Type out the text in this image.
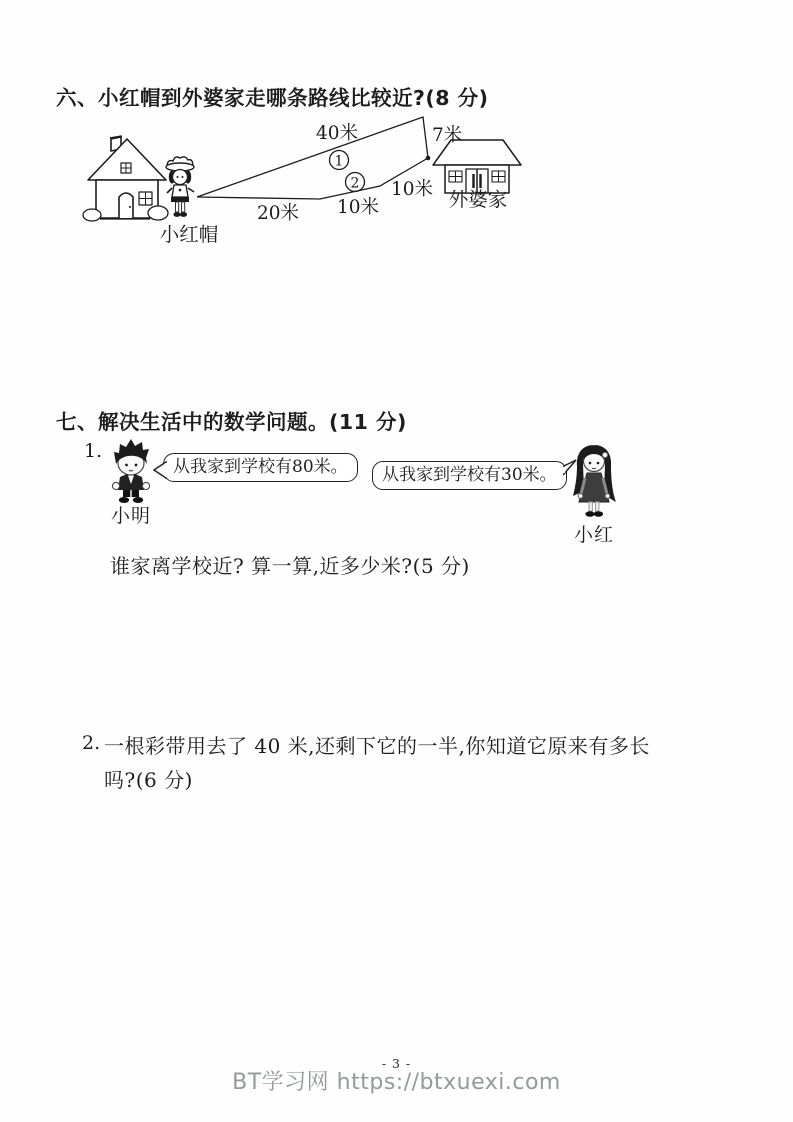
六、小红帽到外婆家走哪条路线比较近?(8 分)
40米	7米
20米 10米
10米
1
2
小红帽
外婆家
七、解决生活中的数学问题。(11 分)
1.
小明
从我家到学校有80米。	从我家到学校有30米。
小红
谁家离学校近? 算一算,近多少米?(5 分)
2. 一根彩带用去了 40 米,还剩下它的一半,你知道它原来有多长
吗?(6 分)
- 3 -
BT学习网 https://btxuexi.com
